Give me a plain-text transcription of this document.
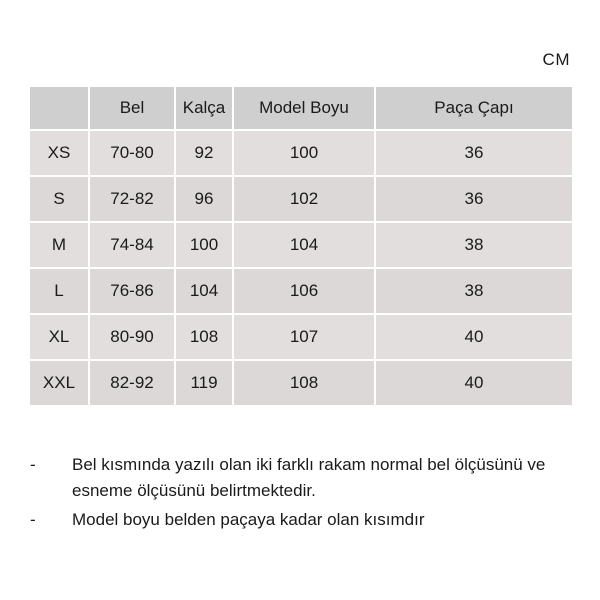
CM
	Bel	Kalça	Model Boyu	Paça Çapı
XS	70-80	92	100	36
S	72-82	96	102	36
M	74-84	100	104	38
L	76-86	104	106	38
XL	80-90	108	107	40
XXL	82-92	119	108	40
-	Bel kısmında yazılı olan iki farklı rakam normal bel ölçüsünü ve esneme ölçüsünü belirtmektedir.
-	Model boyu belden paçaya kadar olan kısımdır
